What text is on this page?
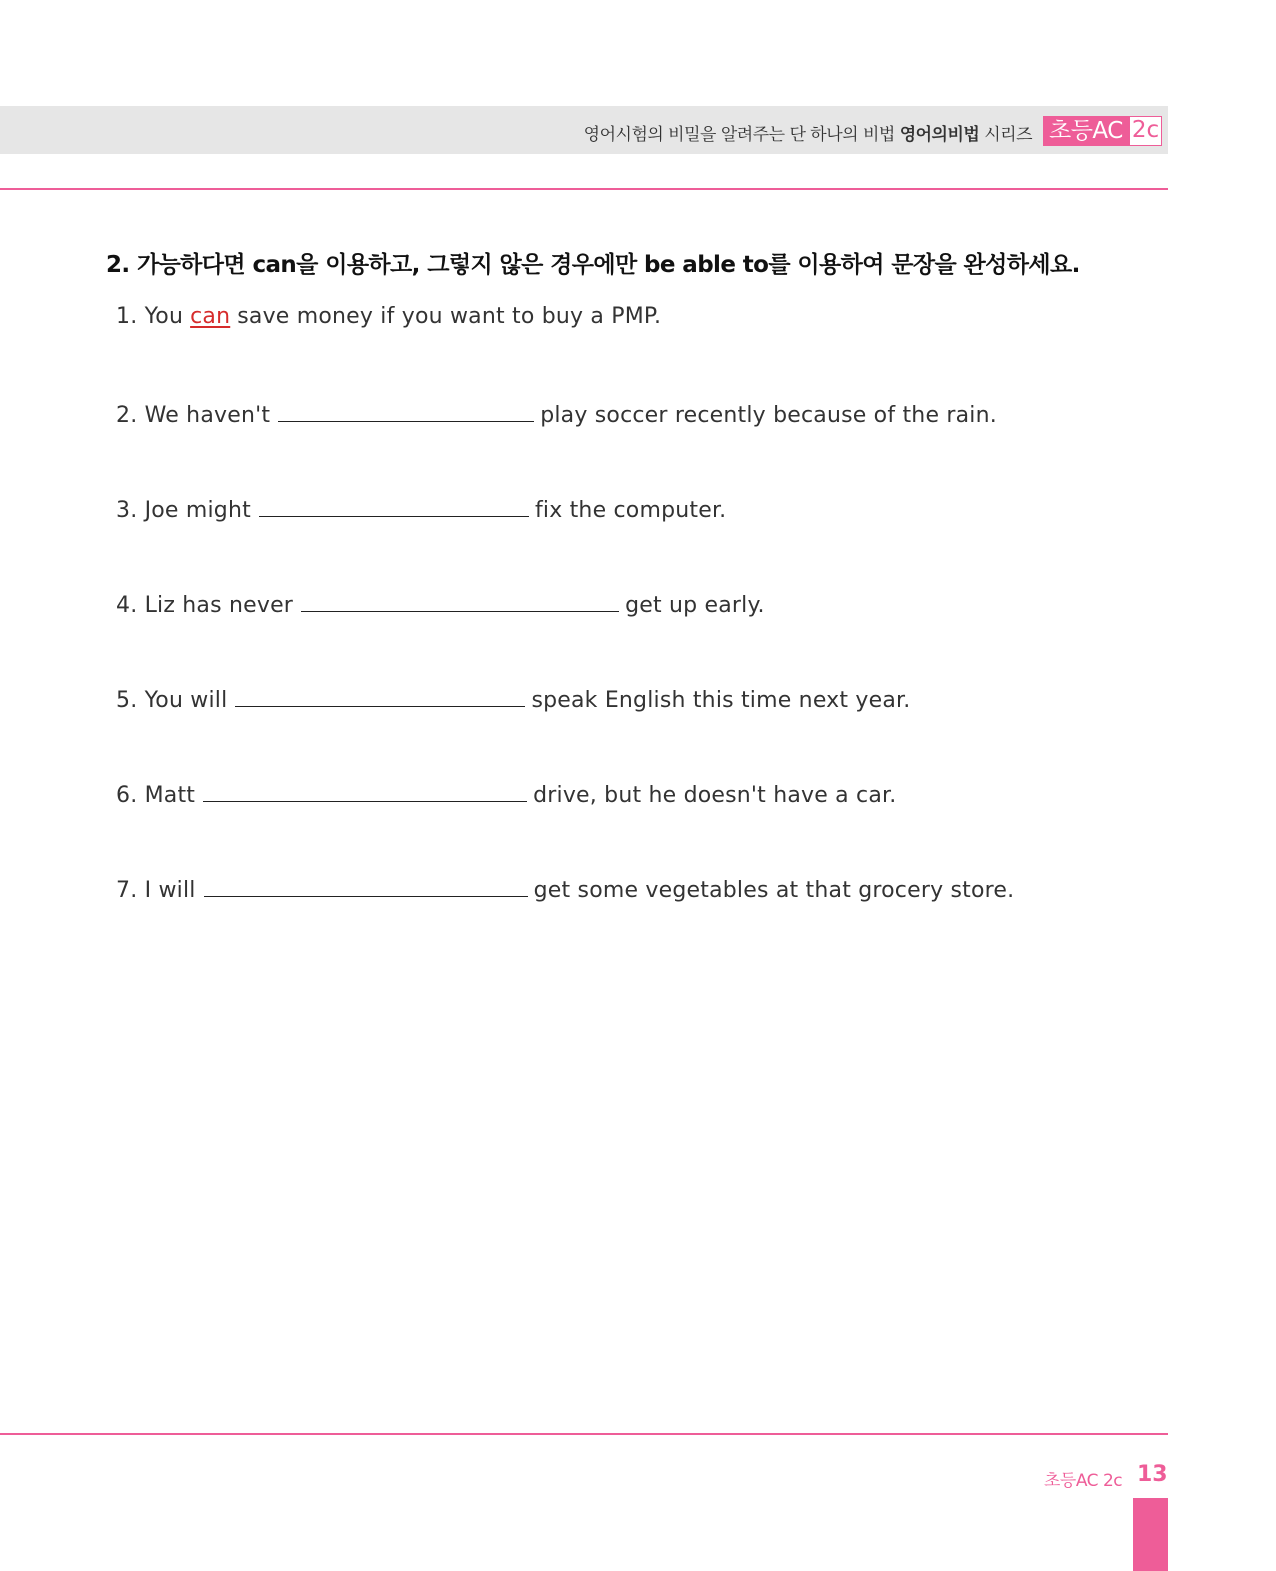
영어시험의 비밀을 알려주는 단 하나의 비법 영어의비법 시리즈 초등AC 2c
2. 가능하다면 can을 이용하고, 그렇지 않은 경우에만 be able to를 이용하여 문장을 완성하세요.
1. You can save money if you want to buy a PMP.
2. We haven't	play soccer recently because of the rain.
3. Joe might	fix the computer.
4. Liz has never	get up early.
5. You will	speak English this time next year.
6. Matt	drive, but he doesn't have a car.
7. I will	get some vegetables at that grocery store.
초등AC 2c 13
